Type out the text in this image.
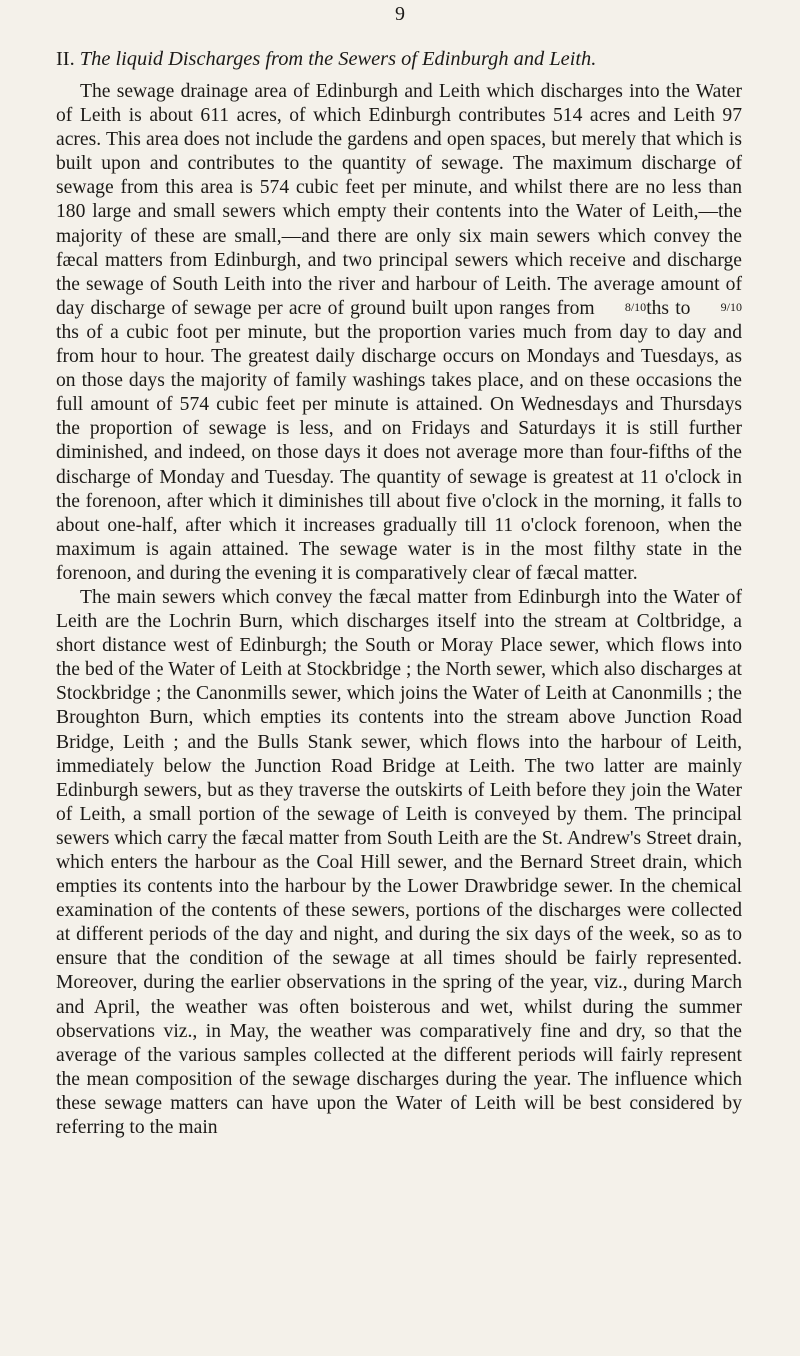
9
II. The liquid Discharges from the Sewers of Edinburgh and Leith.

The sewage drainage area of Edinburgh and Leith which discharges into the Water of Leith is about 611 acres, of which Edinburgh contributes 514 acres and Leith 97 acres. This area does not include the gardens and open spaces, but merely that which is built upon and contributes to the quantity of sewage. The maximum discharge of sewage from this area is 574 cubic feet per minute, and whilst there are no less than 180 large and small sewers which empty their contents into the Water of Leith,—the majority of these are small,—and there are only six main sewers which convey the fæcal matters from Edinburgh, and two principal sewers which receive and discharge the sewage of South Leith into the river and harbour of Leith. The average amount of day discharge of sewage per acre of ground built upon ranges from	8/10ths to	9/10ths of a cubic foot per minute, but the proportion varies much from day to day and from hour to hour. The greatest daily discharge occurs on Mondays and Tuesdays, as on those days the majority of family washings takes place, and on these occasions the full amount of 574 cubic feet per minute is attained. On Wednesdays and Thursdays the proportion of sewage is less, and on Fridays and Saturdays it is still further diminished, and indeed, on those days it does not average more than four-fifths of the discharge of Monday and Tuesday. The quantity of sewage is greatest at 11 o'clock in the forenoon, after which it diminishes till about five o'clock in the morning, it falls to about one-half, after which it increases gradually till 11 o'clock forenoon, when the maximum is again attained. The sewage water is in the most filthy state in the forenoon, and during the evening it is comparatively clear of fæcal matter.

The main sewers which convey the fæcal matter from Edinburgh into the Water of Leith are the Lochrin Burn, which discharges itself into the stream at Coltbridge, a short distance west of Edinburgh; the South or Moray Place sewer, which flows into the bed of the Water of Leith at Stockbridge ; the North sewer, which also discharges at Stockbridge ; the Canonmills sewer, which joins the Water of Leith at Canonmills ; the Broughton Burn, which empties its contents into the stream above Junction Road Bridge, Leith ; and the Bulls Stank sewer, which flows into the harbour of Leith, immediately below the Junction Road Bridge at Leith. The two latter are mainly Edinburgh sewers, but as they traverse the outskirts of Leith before they join the Water of Leith, a small portion of the sewage of Leith is conveyed by them. The principal sewers which carry the fæcal matter from South Leith are the St. Andrew's Street drain, which enters the harbour as the Coal Hill sewer, and the Bernard Street drain, which empties its contents into the harbour by the Lower Drawbridge sewer. In the chemical examination of the contents of these sewers, portions of the discharges were collected at different periods of the day and night, and during the six days of the week, so as to ensure that the condition of the sewage at all times should be fairly represented. Moreover, during the earlier observations in the spring of the year, viz., during March and April, the weather was often boisterous and wet, whilst during the summer observations viz., in May, the weather was comparatively fine and dry, so that the average of the various samples collected at the different periods will fairly represent the mean composition of the sewage discharges during the year. The influence which these sewage matters can have upon the Water of Leith will be best considered by referring to the main
